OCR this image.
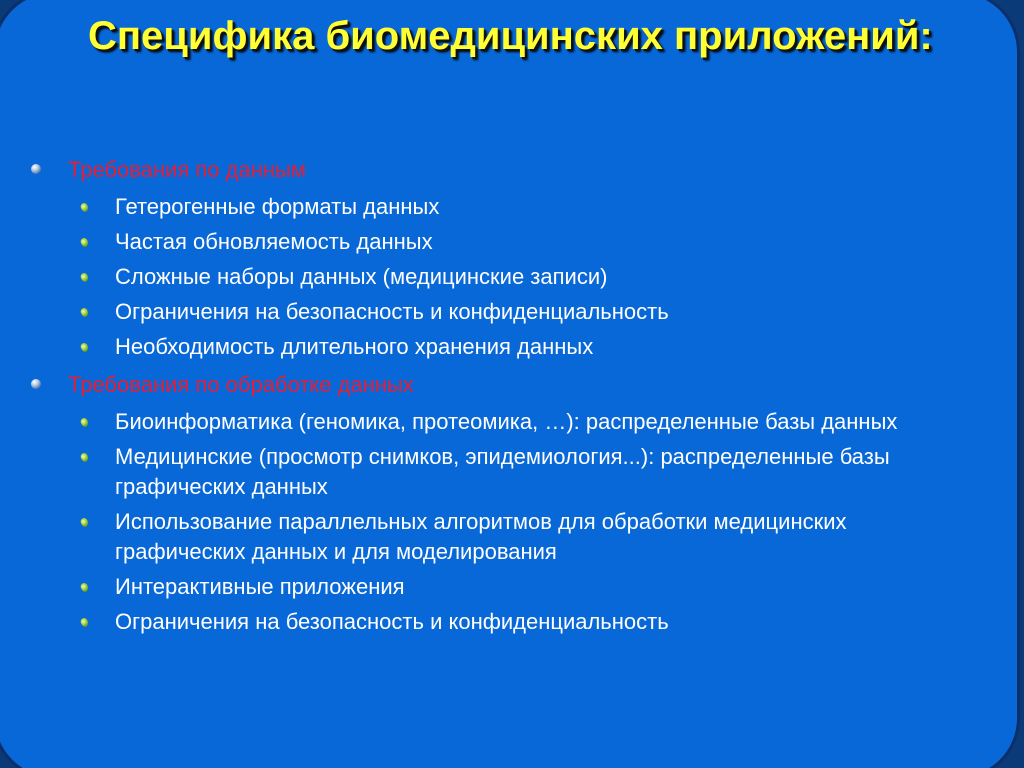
Специфика биомедицинских приложений:
Требования по данным
Гетерогенные форматы данных
Частая обновляемость данных
Сложные наборы данных (медицинские записи)
Ограничения на безопасность и конфиденциальность
Необходимость длительного хранения данных
Требования по обработке данных
Биоинформатика (геномика, протеомика, …): распределенные базы данных
Медицинские (просмотр снимков, эпидемиология...): распределенные базы графических данных
Использование параллельных алгоритмов для обработки медицинских графических данных и для моделирования
Интерактивные приложения
Ограничения на безопасность и конфиденциальность
